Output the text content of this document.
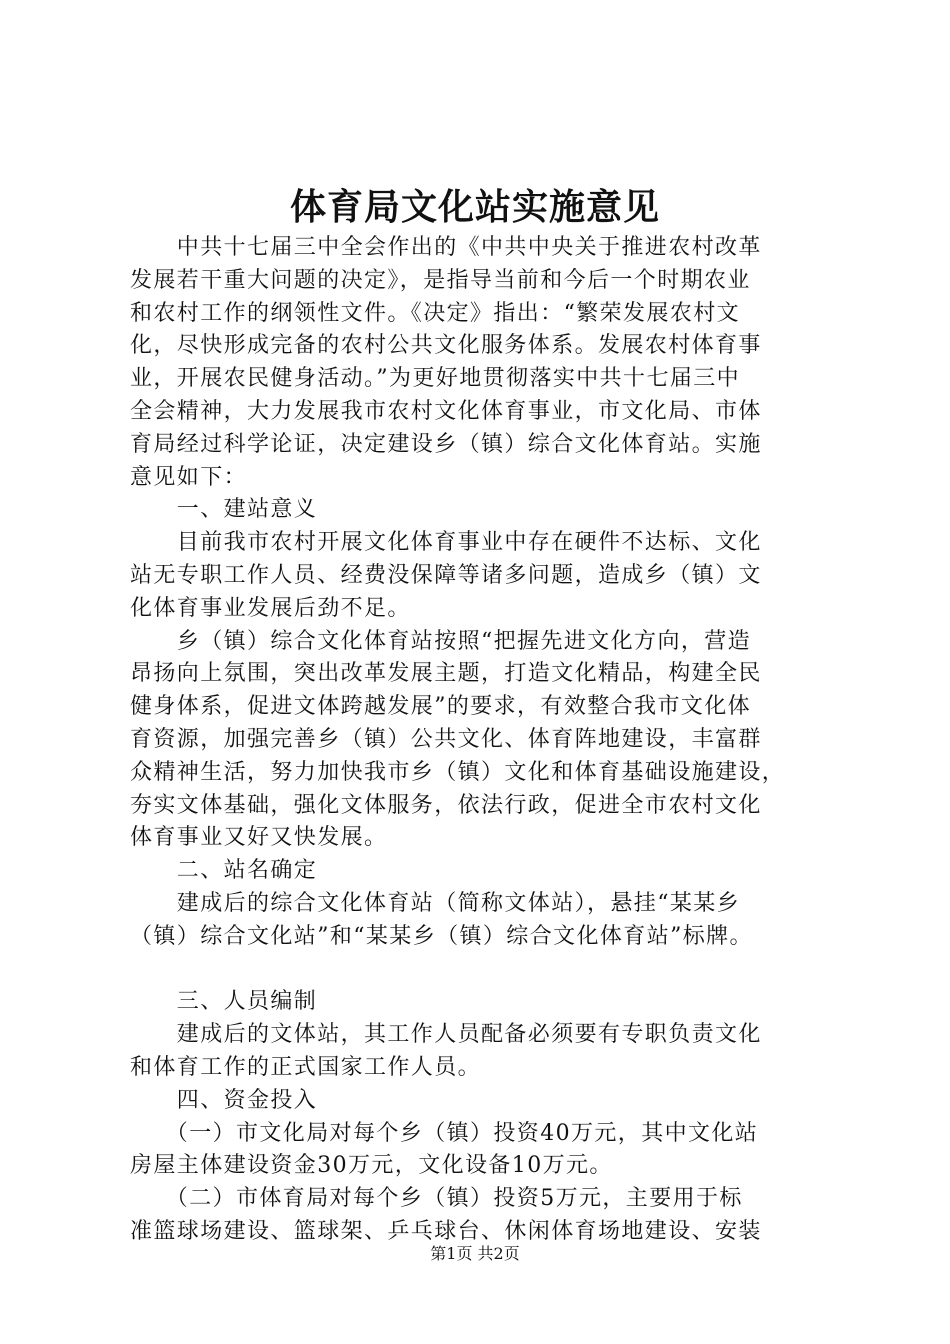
体育局文化站实施意见
　　中共十七届三中全会作出的《中共中央关于推进农村改革
发展若干重大问题的决定》，是指导当前和今后一个时期农业
和农村工作的纲领性文件。《决定》指出：“繁荣发展农村文
化，尽快形成完备的农村公共文化服务体系。发展农村体育事
业，开展农民健身活动。”为更好地贯彻落实中共十七届三中
全会精神，大力发展我市农村文化体育事业，市文化局、市体
育局经过科学论证，决定建设乡（镇）综合文化体育站。实施
意见如下：
　　一、建站意义
　　目前我市农村开展文化体育事业中存在硬件不达标、文化
站无专职工作人员、经费没保障等诸多问题，造成乡（镇）文
化体育事业发展后劲不足。
　　乡（镇）综合文化体育站按照“把握先进文化方向，营造
昂扬向上氛围，突出改革发展主题，打造文化精品，构建全民
健身体系，促进文体跨越发展”的要求，有效整合我市文化体
育资源，加强完善乡（镇）公共文化、体育阵地建设，丰富群
众精神生活，努力加快我市乡（镇）文化和体育基础设施建设，
夯实文体基础，强化文体服务，依法行政，促进全市农村文化
体育事业又好又快发展。
　　二、站名确定
　　建成后的综合文化体育站（简称文体站），悬挂“某某乡
（镇）综合文化站”和“某某乡（镇）综合文化体育站”标牌。
　　三、人员编制
　　建成后的文体站，其工作人员配备必须要有专职负责文化
和体育工作的正式国家工作人员。
　　四、资金投入
　　（一）市文化局对每个乡（镇）投资40万元，其中文化站
房屋主体建设资金30万元，文化设备10万元。
　　（二）市体育局对每个乡（镇）投资5万元，主要用于标
准篮球场建设、篮球架、乒乓球台、休闲体育场地建设、安装
第1页 共2页
